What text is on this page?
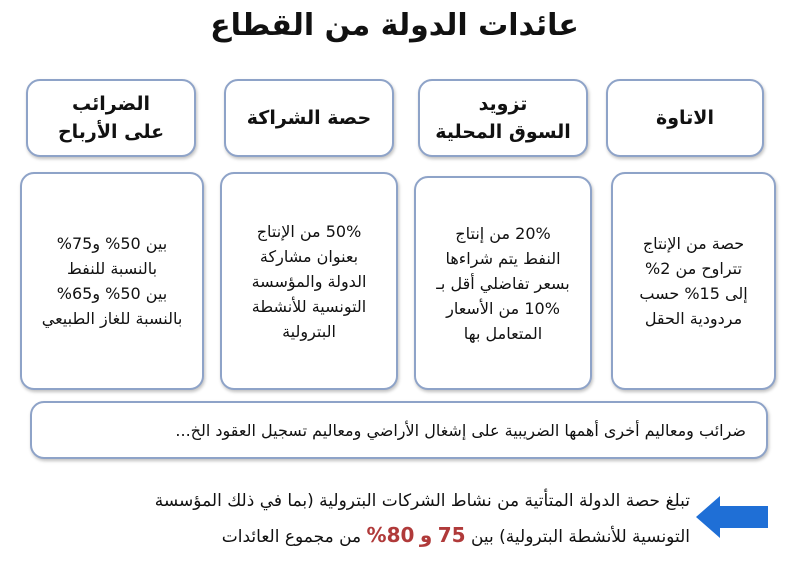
عائدات الدولة من القطاع
الاتاوة
تزويد
السوق المحلية
حصة الشراكة
الضرائب
على الأرباح
حصة من الإنتاج
تتراوح من 2%
إلى 15% حسب
مردودية الحقل
20% من إنتاج
النفط يتم شراءها
بسعر تفاضلي أقل بـ
10% من الأسعار
المتعامل بها
50% من الإنتاج
بعنوان مشاركة
الدولة والمؤسسة
التونسية للأنشطة
البترولية
بين 50% و75%
بالنسبة للنفط
بين 50% و65%
بالنسبة للغاز الطبيعي
ضرائب ومعاليم أخرى أهمها الضريبية على إشغال الأراضي ومعاليم تسجيل العقود الخ...
تبلغ حصة الدولة المتأتية من نشاط الشركات البترولية (بما في ذلك المؤسسة
التونسية للأنشطة البترولية) بين 75 و 80% من مجموع العائدات
